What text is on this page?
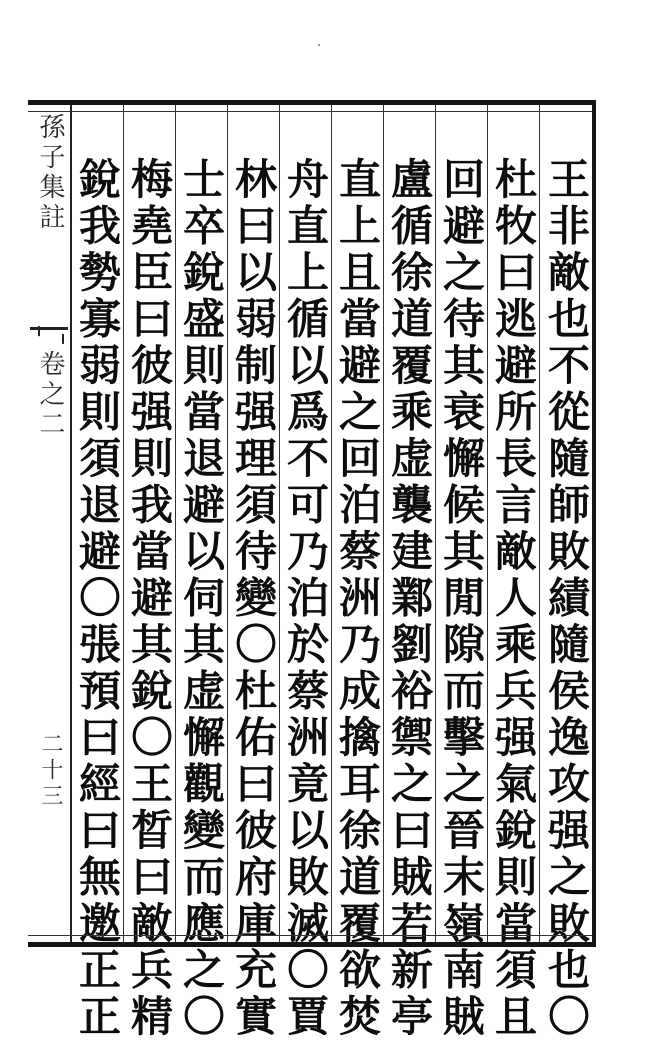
孫子集註
卷之二
二十三 銳我勢寡弱則須退避〇張預曰經曰無邀正正 梅堯臣曰彼强則我當避其銳〇王晳曰敵兵精 士卒銳盛則當退避以伺其虚懈觀變而應之〇 林曰以弱制强理須待變〇杜佑曰彼府庫充實 舟直上循以爲不可乃泊於蔡洲竟以敗滅〇賈 直上且當避之回泊蔡洲乃成擒耳徐道覆欲焚 盧循徐道覆乘虚襲建鄴劉裕禦之曰賊若新亭 回避之待其衰懈候其閒隙而擊之晉末嶺南賊 杜牧曰逃避所長言敵人乘兵强氣銳則當須且 王非敵也不從隨師敗績隨侯逸攻强之敗也〇
